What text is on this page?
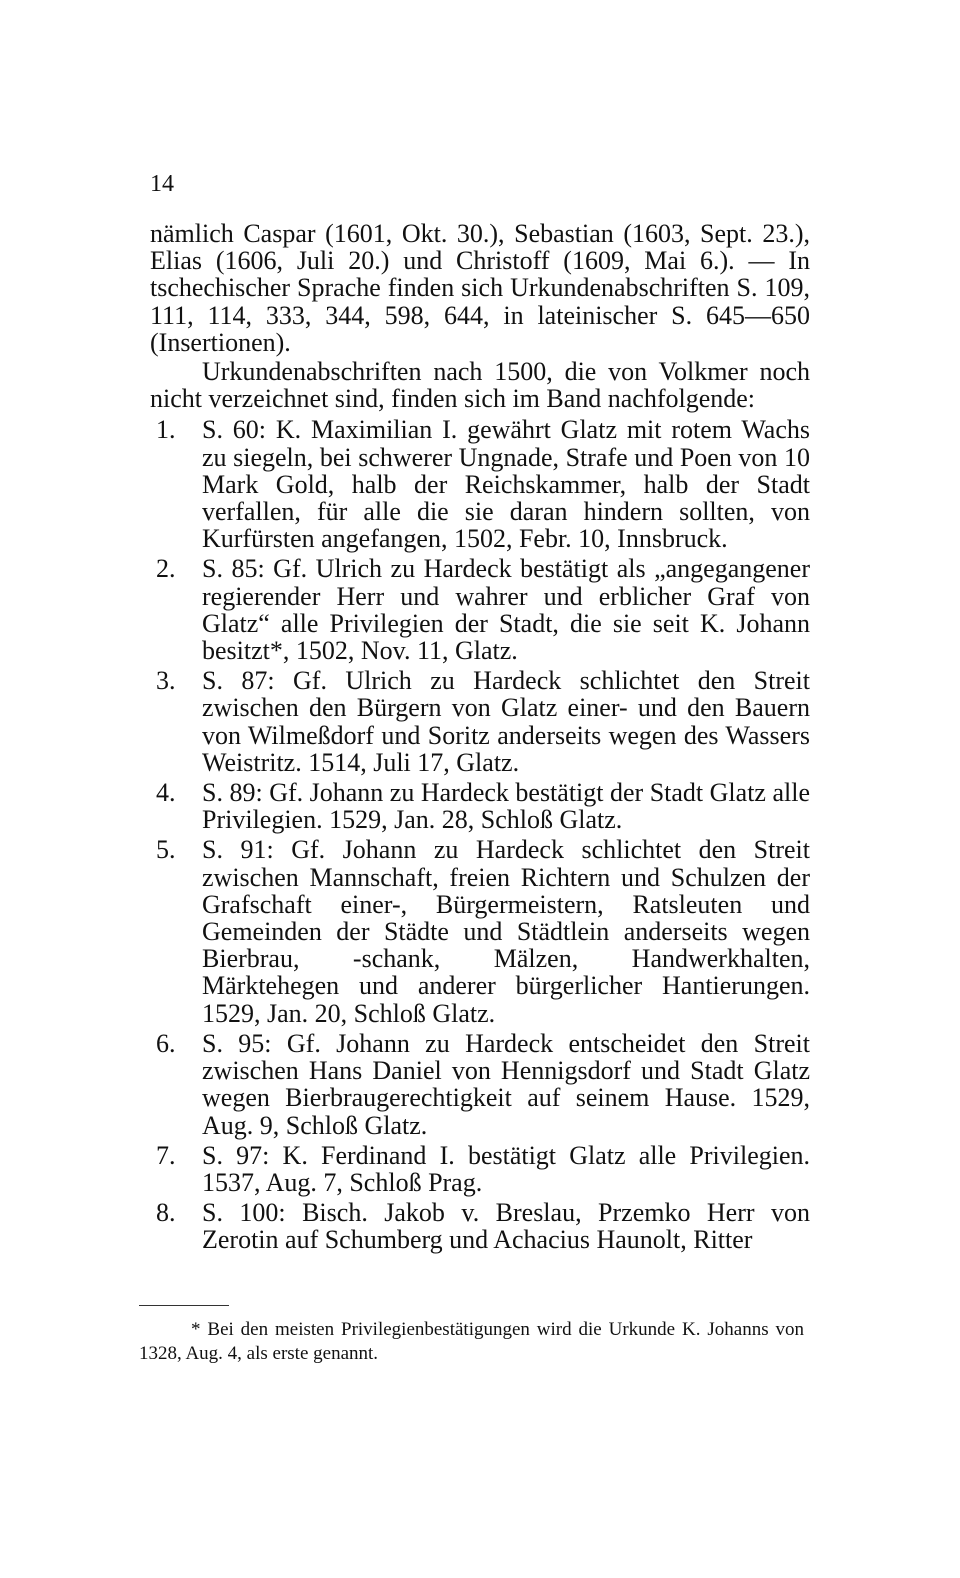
14

nämlich Caspar (1601, Okt. 30.), Sebastian (1603, Sept. 23.), Elias (1606, Juli 20.) und Christoff (1609, Mai 6.). — In tschechischer Sprache finden sich Urkundenabschriften S. 109, 111, 114, 333, 344, 598, 644, in lateinischer S. 645—650 (Insertionen).

Urkundenabschriften nach 1500, die von Volkmer noch nicht verzeichnet sind, finden sich im Band nachfolgende:

1. S. 60: K. Maximilian I. gewährt Glatz mit rotem Wachs zu siegeln, bei schwerer Ungnade, Strafe und Poen von 10 Mark Gold, halb der Reichskammer, halb der Stadt verfallen, für alle die sie daran hindern sollten, von Kurfürsten angefangen, 1502, Febr. 10, Innsbruck.
2. S. 85: Gf. Ulrich zu Hardeck bestätigt als „angegangener regierender Herr und wahrer und erblicher Graf von Glatz“ alle Privilegien der Stadt, die sie seit K. Johann besitzt*, 1502, Nov. 11, Glatz.
3. S. 87: Gf. Ulrich zu Hardeck schlichtet den Streit zwischen den Bürgern von Glatz einer- und den Bauern von Wilmeßdorf und Soritz anderseits wegen des Wassers Weistritz. 1514, Juli 17, Glatz.
4. S. 89: Gf. Johann zu Hardeck bestätigt der Stadt Glatz alle Privilegien. 1529, Jan. 28, Schloß Glatz.
5. S. 91: Gf. Johann zu Hardeck schlichtet den Streit zwischen Mannschaft, freien Richtern und Schulzen der Grafschaft einer-, Bürgermeistern, Ratsleuten und Gemeinden der Städte und Städtlein anderseits wegen Bierbrau, -schank, Mälzen, Handwerkhalten, Märktehegen und anderer bürgerlicher Hantierungen. 1529, Jan. 20, Schloß Glatz.
6. S. 95: Gf. Johann zu Hardeck entscheidet den Streit zwischen Hans Daniel von Hennigsdorf und Stadt Glatz wegen Bierbraugerechtigkeit auf seinem Hause. 1529, Aug. 9, Schloß Glatz.
7. S. 97: K. Ferdinand I. bestätigt Glatz alle Privilegien. 1537, Aug. 7, Schloß Prag.
8. S. 100: Bisch. Jakob v. Breslau, Przemko Herr von Zerotin auf Schumberg und Achacius Haunolt, Ritter
* Bei den meisten Privilegienbestätigungen wird die Urkunde K. Johanns von 1328, Aug. 4, als erste genannt.
